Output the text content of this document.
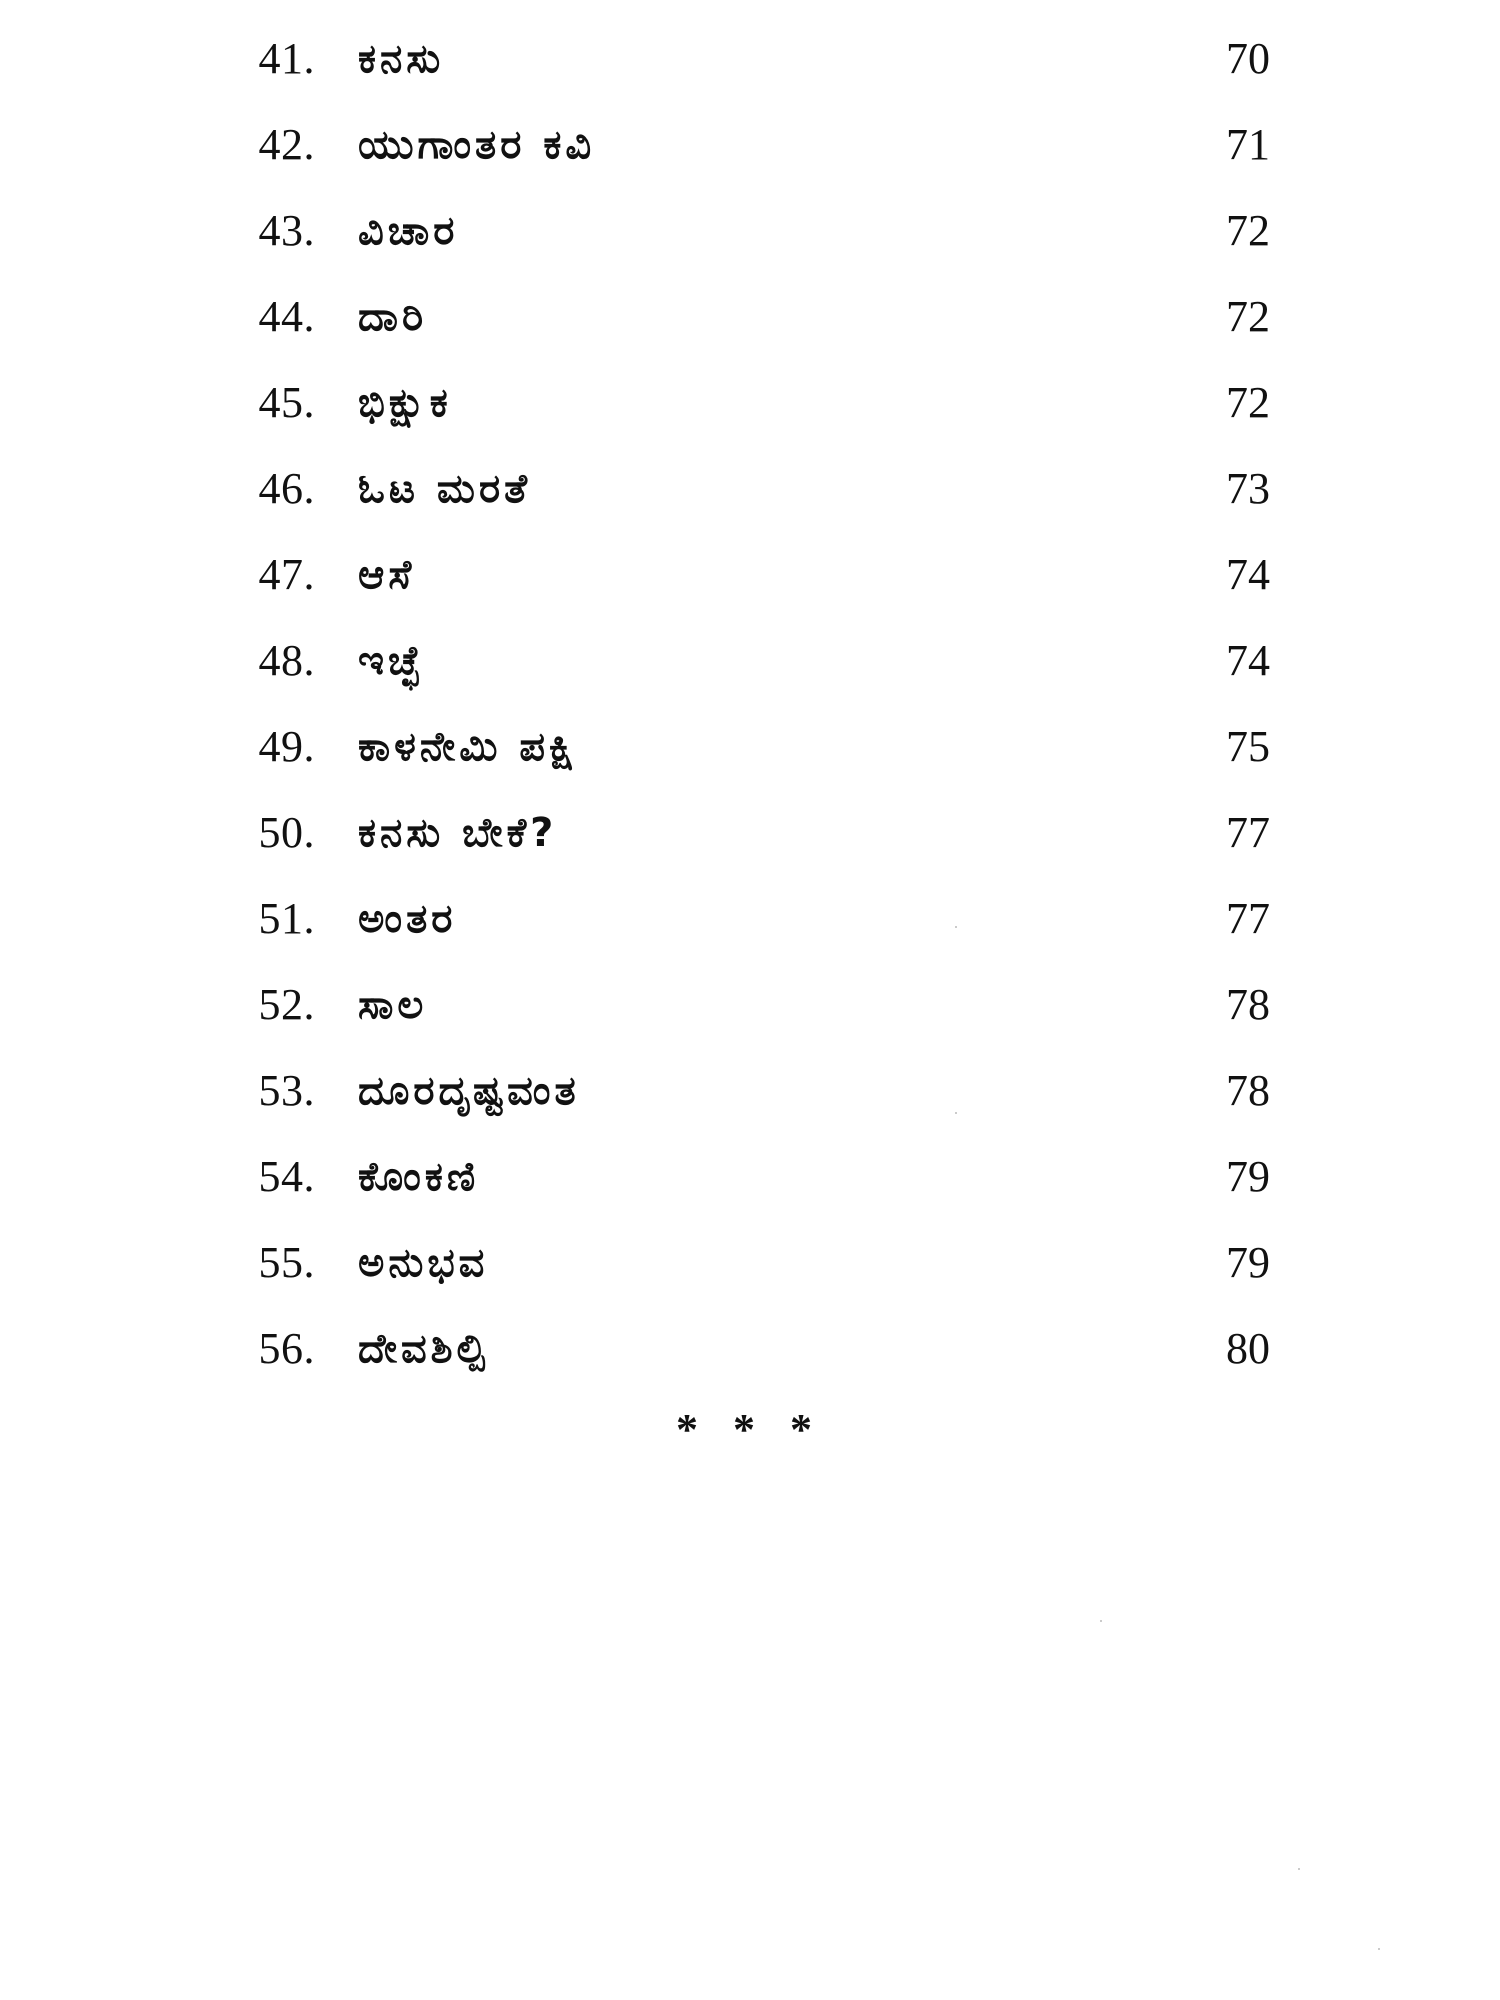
41. ಕನಸು	70
42. ಯುಗಾಂತರ ಕವಿ	71
43. ವಿಚಾರ	72
44. ದಾರಿ	72
45. ಭಿಕ್ಷುಕ	72
46. ಓಟ ಮರತೆ	73
47. ಆಸೆ	74
48. ಇಚ್ಛೆ	74
49. ಕಾಳನೇಮಿ ಪಕ್ಷಿ	75
50. ಕನಸು ಬೇಕೆ?	77
51. ಅಂತರ	77
52. ಸಾಲ	78
53. ದೂರದೃಷ್ಟವಂತ	78
54. ಕೊಂಕಣಿ	79
55. ಅನುಭವ	79
56. ದೇವಶಿಲ್ಪಿ	80
* * *
